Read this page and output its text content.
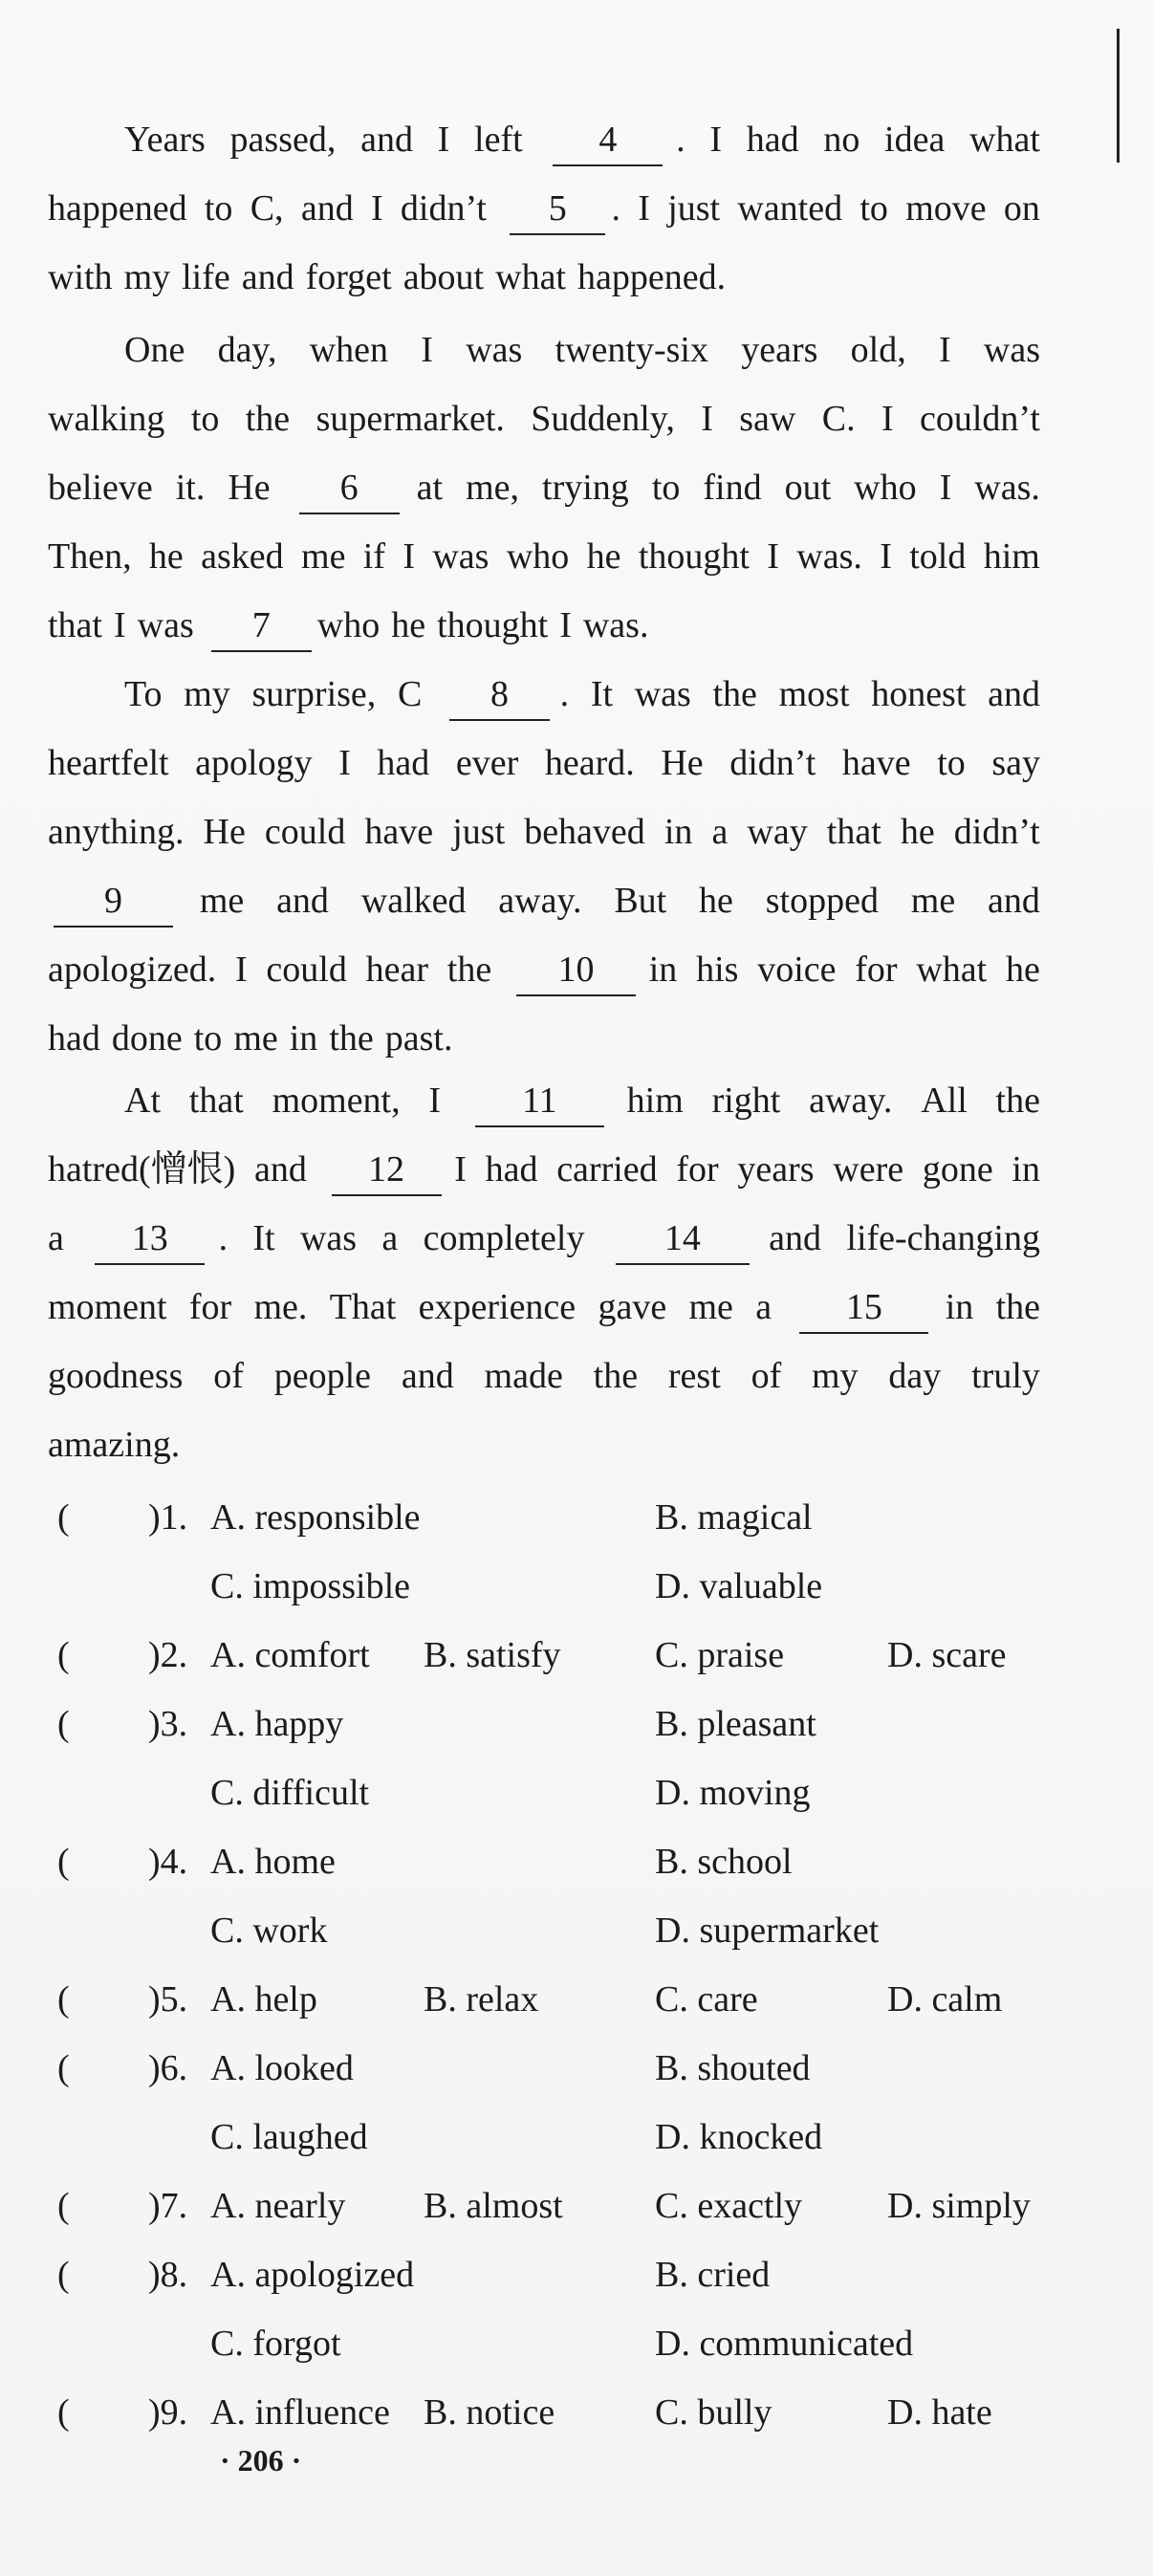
Years passed, and I left	4	. I had no idea what
happened to C, and I didn’t	5	. I just wanted to move on
with my life and forget about what happened.
One day, when I was twenty-six years old, I was
walking to the supermarket. Suddenly, I saw C. I couldn’t
believe it. He	6	at me, trying to find out who I was.
Then, he asked me if I was who he thought I was. I told him
that I was	7	who he thought I was.
To my surprise, C	8	. It was the most honest and
heartfelt apology I had ever heard. He didn’t have to say
anything. He could have just behaved in a way that he didn’t
9	me and walked away. But he stopped me and
apologized. I could hear the	10	in his voice for what he
had done to me in the past.
At that moment, I	11	him right away. All the
hatred(憎恨) and	12	I had carried for years were gone in
a	13	. It was a completely	14	and life-changing
moment for me. That experience gave me a	15	in the
goodness of people and made the rest of my day truly
amazing.
( )1. A. responsible	B. magical
C. impossible	D. valuable
( )2. A. comfort B. satisfy	C. praise	D. scare
( )3. A. happy	B. pleasant
C. difficult	D. moving
( )4. A. home	B. school
C. work	D. supermarket
( )5. A. help	B. relax	C. care	D. calm
( )6. A. looked	B. shouted
C. laughed	D. knocked
( )7. A. nearly B. almost	C. exactly D. simply
( )8. A. apologized	B. cried
C. forgot	D. communicated
( )9. A. influence B. notice	C. bully	D. hate
· 206 ·
